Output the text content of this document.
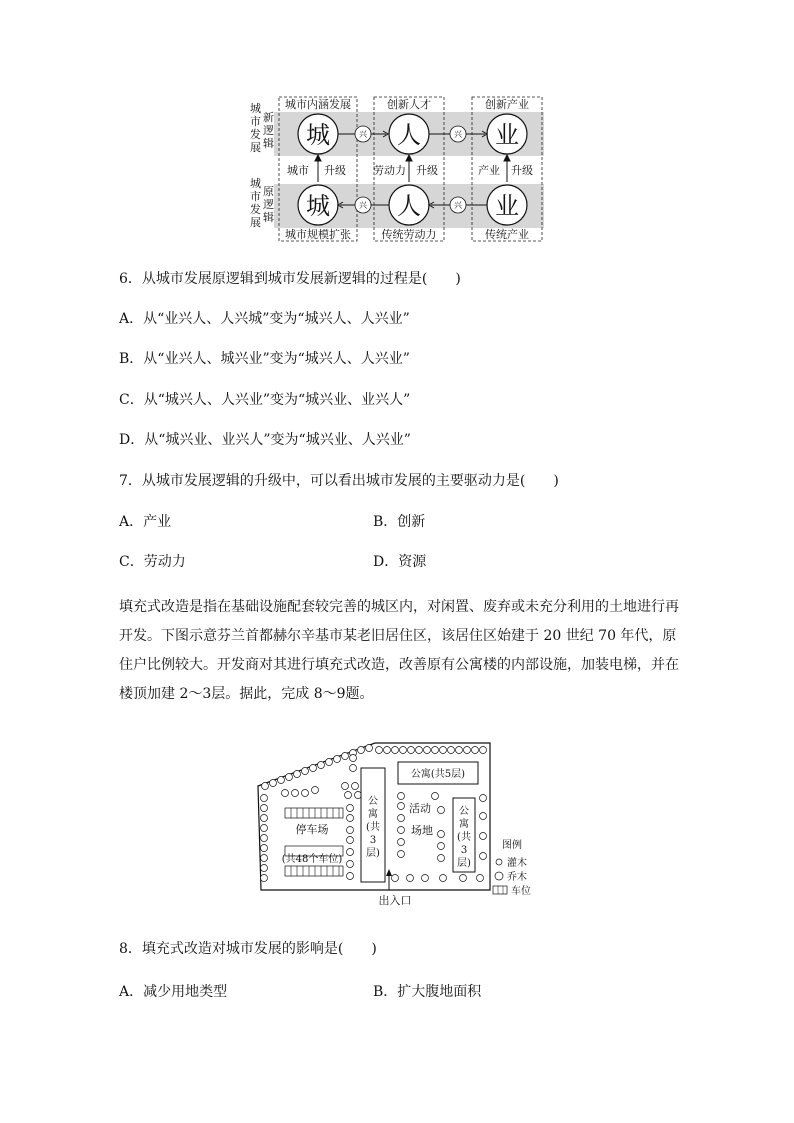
城
市
发
展
新
逻
辑
城
市
发
展
原
逻
辑
城市内涵发展	创新人才	创新产业
城	人	业
城	人	业
兴	兴
兴	兴
城市 升级 劳动力 升级	产业 升级
城市规模扩张	传统劳动力	传统产业
6．从城市发展原逻辑到城市发展新逻辑的过程是(　　)
A．从“业兴人、人兴城”变为“城兴人、人兴业”
B．从“业兴人、城兴业”变为“城兴人、人兴业”
C．从“城兴人、人兴业”变为“城兴业、业兴人”
D．从“城兴业、业兴人”变为“城兴业、人兴业”
7．从城市发展逻辑的升级中，可以看出城市发展的主要驱动力是(　　)
A．产业	B．创新
C．劳动力	D．资源
填充式改造是指在基础设施配套较完善的城区内，对闲置、废弃或未充分利用的土地进行再开发。下图示意芬兰首都赫尔辛基市某老旧居住区，该居住区始建于 20 世纪 70 年代，原住户比例较大。开发商对其进行填充式改造，改善原有公寓楼的内部设施，加装电梯，并在楼顶加建 2～3层。据此，完成 8～9题。
停车场
(共48个车位)
公
寓
(共
3
层)
公寓(共5层)
公
寓
(共
3
层)
活动
场地
出入口
图例
灌木
乔木
车位
8．填充式改造对城市发展的影响是(　　)
A．减少用地类型	B．扩大腹地面积
